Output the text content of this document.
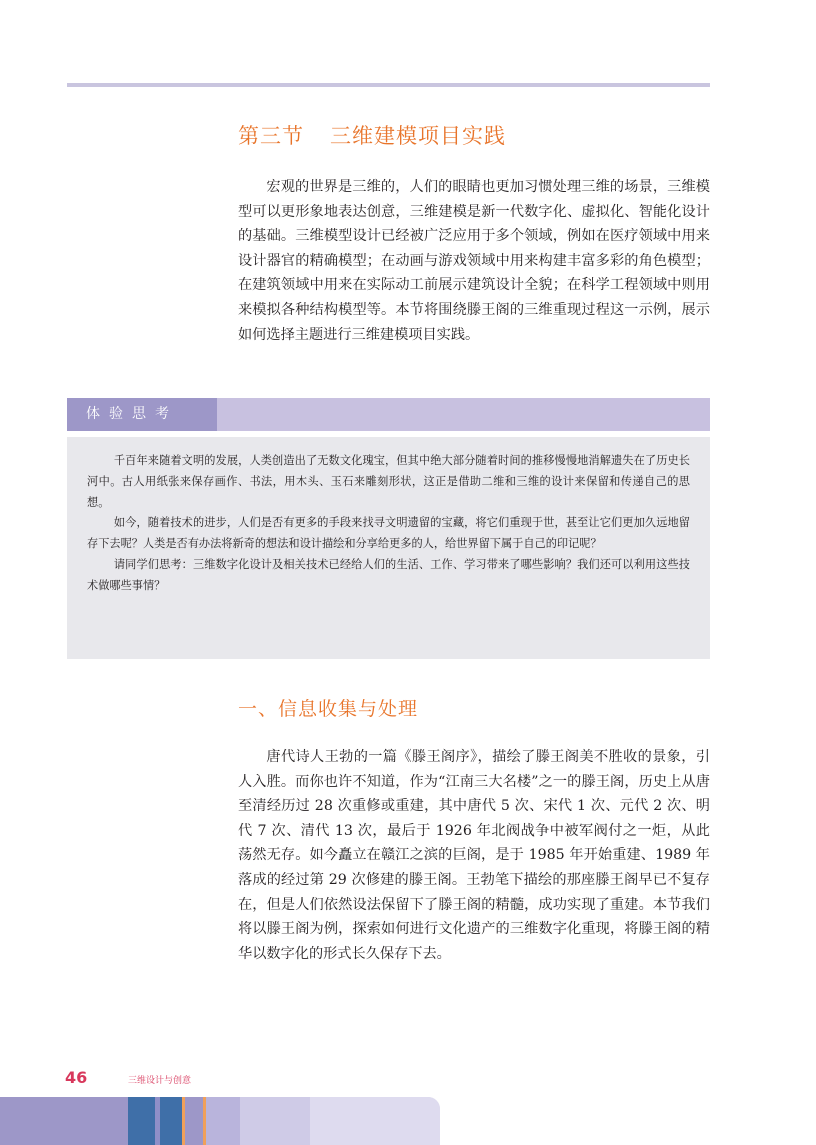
第三节 三维建模项目实践

宏观的世界是三维的，人们的眼睛也更加习惯处理三维的场景，三维模型可以更形象地表达创意，三维建模是新一代数字化、虚拟化、智能化设计的基础。三维模型设计已经被广泛应用于多个领域，例如在医疗领域中用来设计器官的精确模型；在动画与游戏领域中用来构建丰富多彩的角色模型；在建筑领域中用来在实际动工前展示建筑设计全貌；在科学工程领域中则用来模拟各种结构模型等。本节将围绕滕王阁的三维重现过程这一示例，展示如何选择主题进行三维建模项目实践。

体验思考

千百年来随着文明的发展，人类创造出了无数文化瑰宝，但其中绝大部分随着时间的推移慢慢地消解遗失在了历史长河中。古人用纸张来保存画作、书法，用木头、玉石来雕刻形状，这正是借助二维和三维的设计来保留和传递自己的思想。

如今，随着技术的进步，人们是否有更多的手段来找寻文明遗留的宝藏，将它们重现于世，甚至让它们更加久远地留存下去呢？人类是否有办法将新奇的想法和设计描绘和分享给更多的人，给世界留下属于自己的印记呢？

请同学们思考：三维数字化设计及相关技术已经给人们的生活、工作、学习带来了哪些影响？我们还可以利用这些技术做哪些事情？

一、信息收集与处理

唐代诗人王勃的一篇《滕王阁序》，描绘了滕王阁美不胜收的景象，引人入胜。而你也许不知道，作为“江南三大名楼”之一的滕王阁，历史上从唐至清经历过 28 次重修或重建，其中唐代 5 次、宋代 1 次、元代 2 次、明代 7 次、清代 13 次，最后于 1926 年北阀战争中被军阀付之一炬，从此荡然无存。如今矗立在赣江之滨的巨阁，是于 1985 年开始重建、1989 年落成的经过第 29 次修建的滕王阁。王勃笔下描绘的那座滕王阁早已不复存在，但是人们依然设法保留下了滕王阁的精髓，成功实现了重建。本节我们将以滕王阁为例，探索如何进行文化遗产的三维数字化重现，将滕王阁的精华以数字化的形式长久保存下去。

46	三维设计与创意
